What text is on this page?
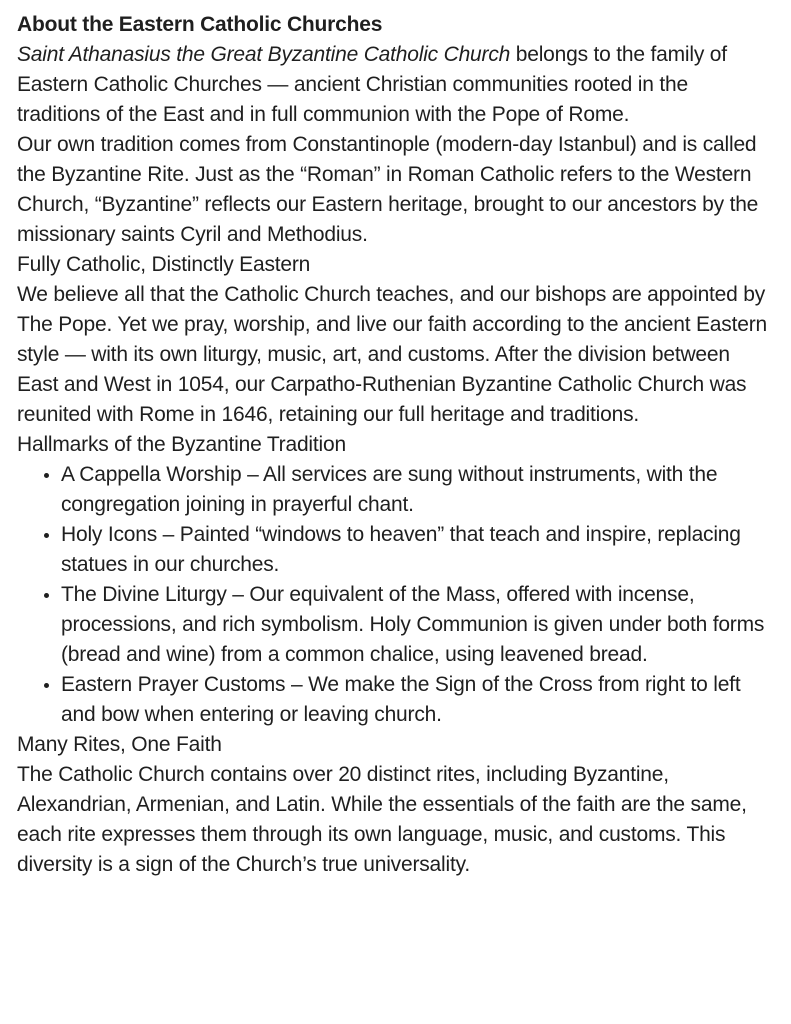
About the Eastern Catholic Churches

Saint Athanasius the Great Byzantine Catholic Church belongs to the family of Eastern Catholic Churches — ancient Christian communities rooted in the traditions of the East and in full communion with the Pope of Rome.

Our own tradition comes from Constantinople (modern-day Istanbul) and is called the Byzantine Rite. Just as the “Roman” in Roman Catholic refers to the Western Church, “Byzantine” reflects our Eastern heritage, brought to our ancestors by the missionary saints Cyril and Methodius.

Fully Catholic, Distinctly Eastern

We believe all that the Catholic Church teaches, and our bishops are appointed by The Pope. Yet we pray, worship, and live our faith according to the ancient Eastern style — with its own liturgy, music, art, and customs. After the division between East and West in 1054, our Carpatho-Ruthenian Byzantine Catholic Church was reunited with Rome in 1646, retaining our full heritage and traditions.

Hallmarks of the Byzantine Tradition

• A Cappella Worship – All services are sung without instruments, with the congregation joining in prayerful chant.
• Holy Icons – Painted “windows to heaven” that teach and inspire, replacing statues in our churches.
• The Divine Liturgy – Our equivalent of the Mass, offered with incense, processions, and rich symbolism. Holy Communion is given under both forms (bread and wine) from a common chalice, using leavened bread.
• Eastern Prayer Customs – We make the Sign of the Cross from right to left and bow when entering or leaving church.

Many Rites, One Faith

The Catholic Church contains over 20 distinct rites, including Byzantine, Alexandrian, Armenian, and Latin. While the essentials of the faith are the same, each rite expresses them through its own language, music, and customs. This diversity is a sign of the Church’s true universality.
